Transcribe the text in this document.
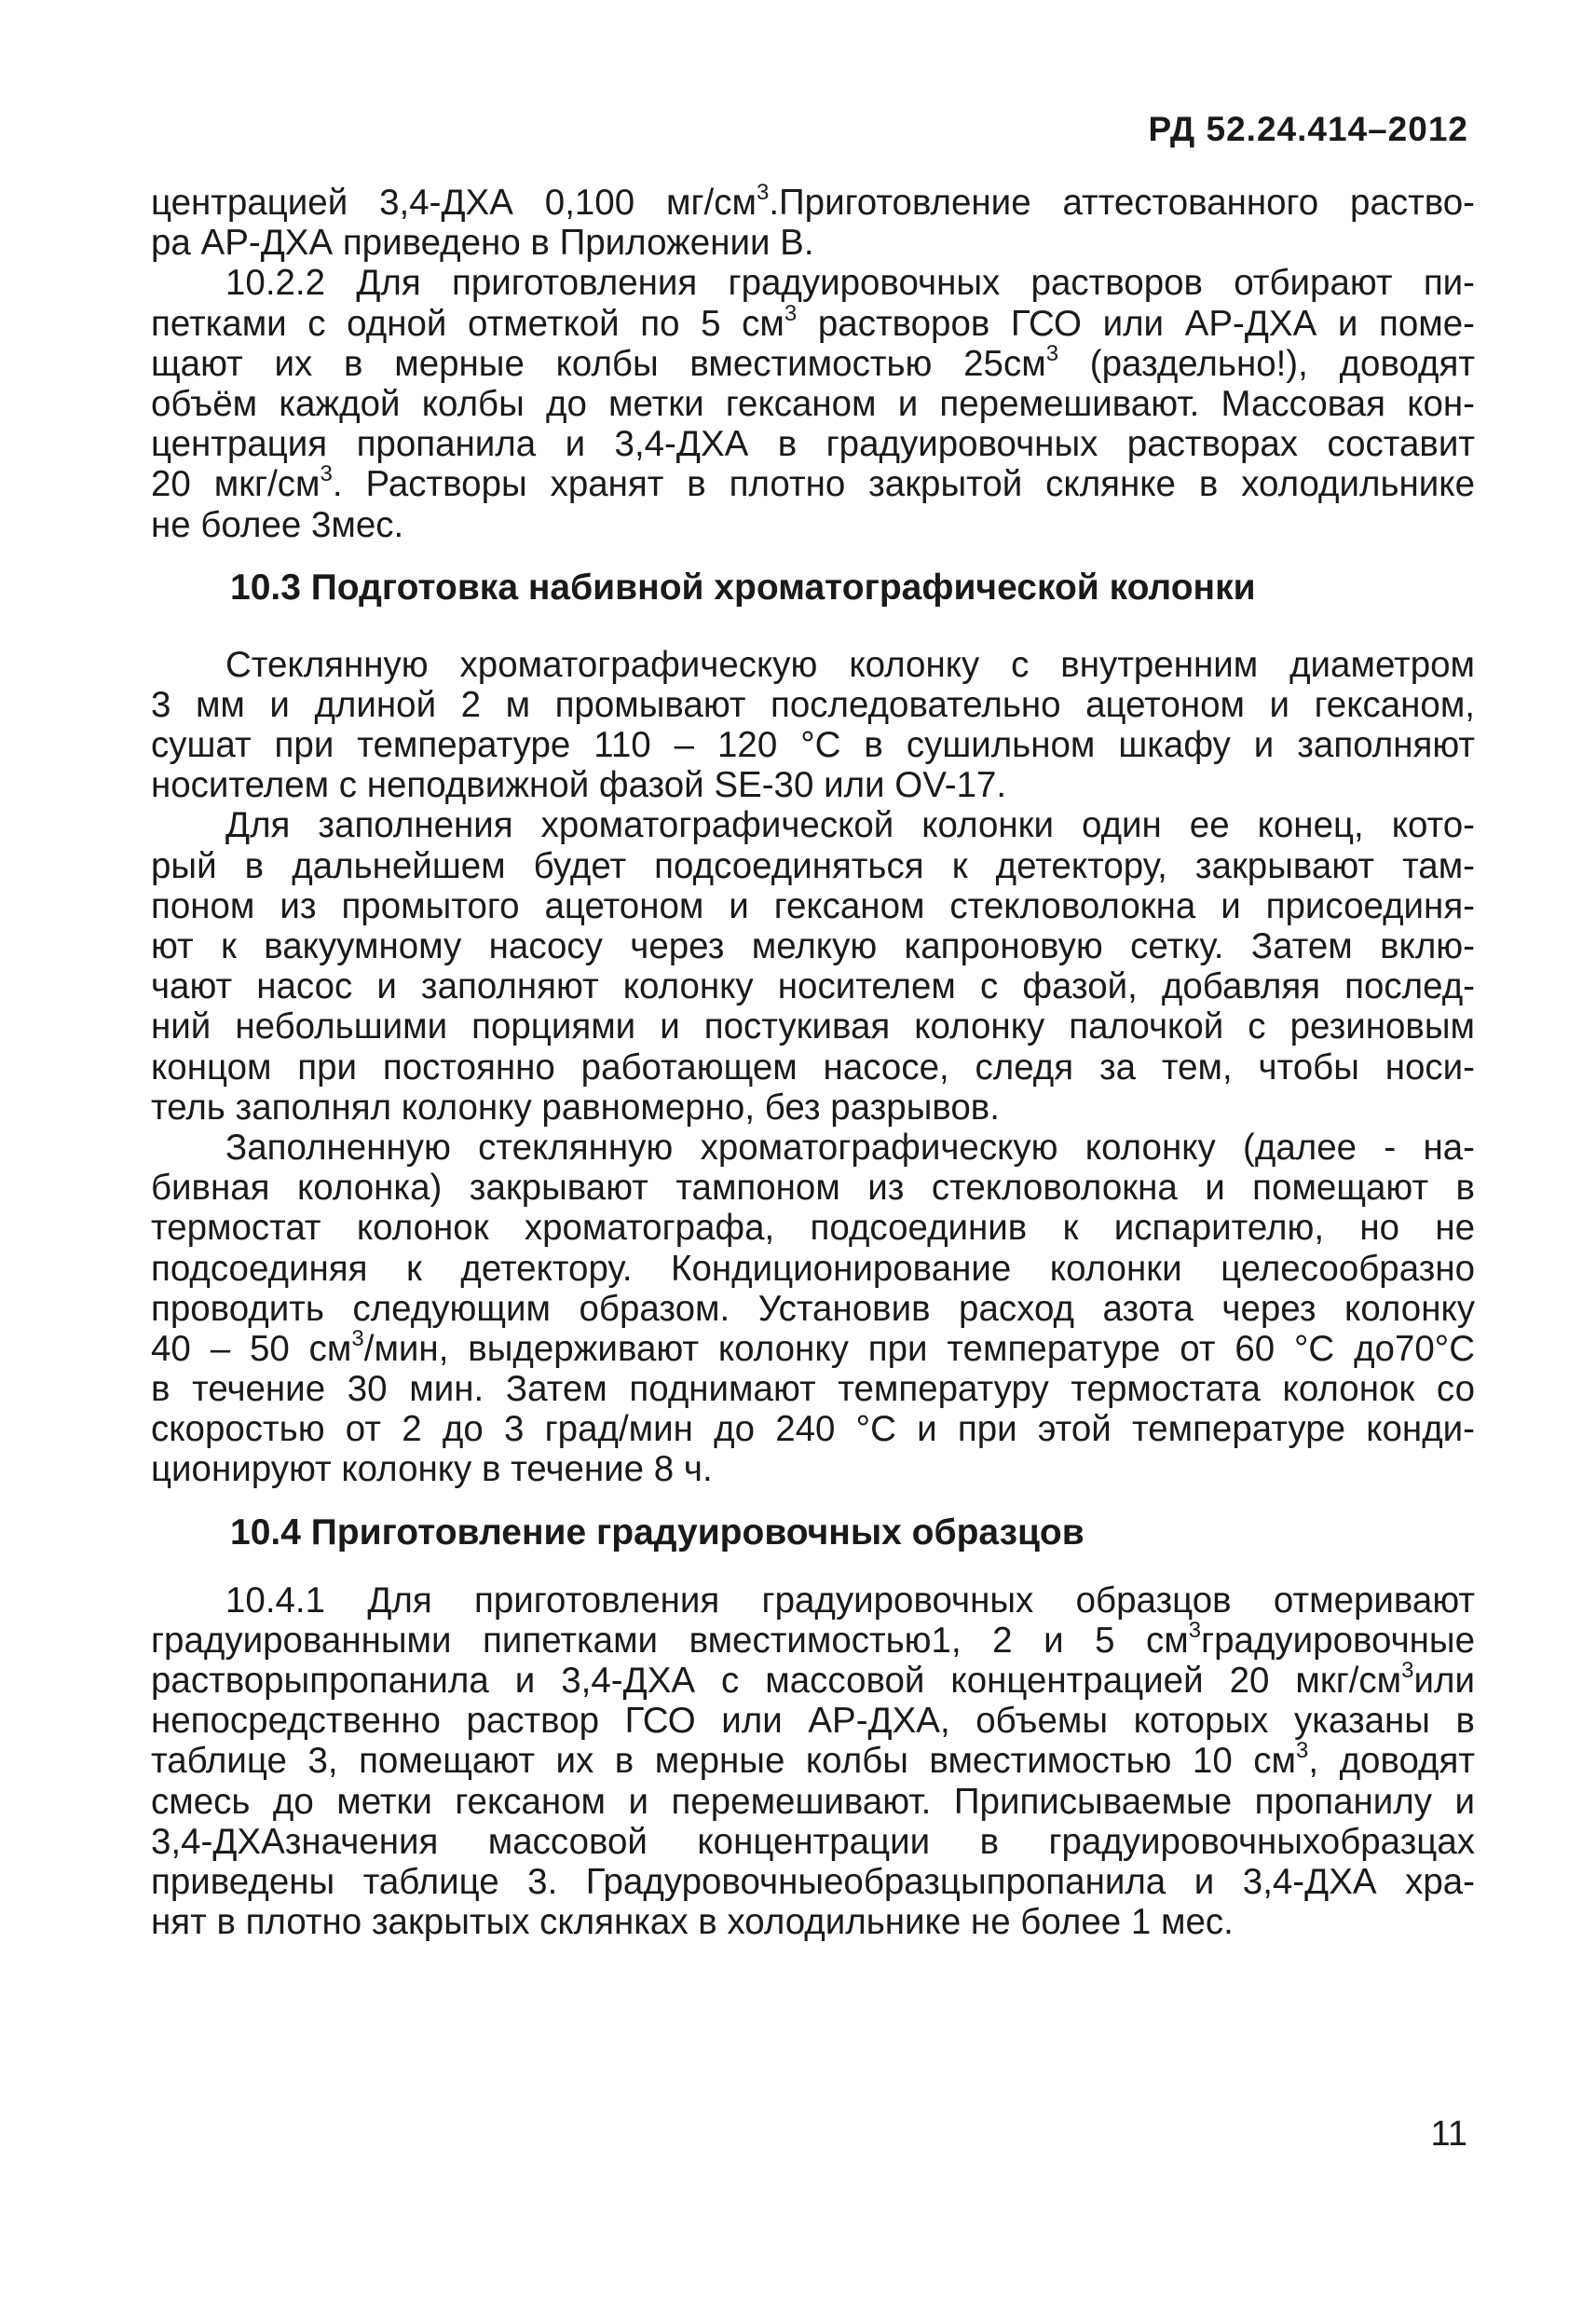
РД 52.24.414–2012
центрацией 3,4-ДХА 0,100 $мг/см^3.Приготовление$ аттестованного раство-
ра АР-ДХА приведено в Приложении В.
10.2.2 Для приготовления градуировочных растворов отбирают пи-
петками с одной отметкой по 5 $см^3$ растворов ГСО или АР-ДХА и поме-
щают их в мерные колбы вместимостью $25см^3$ (раздельно!), доводят
объём каждой колбы до метки гексаном и перемешивают. Массовая кон-
центрация пропанила и 3,4-ДХА в градуировочных растворах составит
20 мкг/$см^3$. Растворы хранят в плотно закрытой склянке в холодильнике
не более 3мес.
10.3 Подготовка набивной хроматографической колонки
Стеклянную хроматографическую колонку с внутренним диаметром
3 мм и длиной 2 м промывают последовательно ацетоном и гексаном,
сушат при температуре 110 – 120 °С в сушильном шкафу и заполняют
носителем с неподвижной фазой SE-30 или OV-17.
Для заполнения хроматографической колонки один ее конец, кото-
рый в дальнейшем будет подсоединяться к детектору, закрывают там-
поном из промытого ацетоном и гексаном стекловолокна и присоединя-
ют к вакуумному насосу через мелкую капроновую сетку. Затем вклю-
чают насос и заполняют колонку носителем с фазой, добавляя послед-
ний небольшими порциями и постукивая колонку палочкой с резиновым
концом при постоянно работающем насосе, следя за тем, чтобы носи-
тель заполнял колонку равномерно, без разрывов.
Заполненную стеклянную хроматографическую колонку (далее - на-
бивная колонка) закрывают тампоном из стекловолокна и помещают в
термостат колонок хроматографа, подсоединив к испарителю, но не
подсоединяя к детектору. Кондиционирование колонки целесообразно
проводить следующим образом. Установив расход азота через колонку
40 – 50 $см^3$/мин, выдерживают колонку при температуре от 60 °С до70°С
в течение 30 мин. Затем поднимают температуру термостата колонок со
скоростью от 2 до 3 град/мин до 240 °С и при этой температуре конди-
ционируют колонку в течение 8 ч.
10.4 Приготовление градуировочных образцов
10.4.1 Для приготовления градуировочных образцов отмеривают
градуированными пипетками вместимостью1, 2 и 5 $см^3градуировочные$
растворыпропанила и 3,4-ДХА с массовой концентрацией 20 мкг/$см^3или$
непосредственно раствор ГСО или АР-ДХА, объемы которых указаны в
таблице 3, помещают их в мерные колбы вместимостью 10 $см^3$, доводят
смесь до метки гексаном и перемешивают. Приписываемые пропанилу и
3,4-ДХАзначения массовой концентрации в градуировочныхобразцах
приведены таблице 3. Градуровочныеобразцыпропанила и 3,4-ДХА хра-
нят в плотно закрытых склянках в холодильнике не более 1 мес.
11
